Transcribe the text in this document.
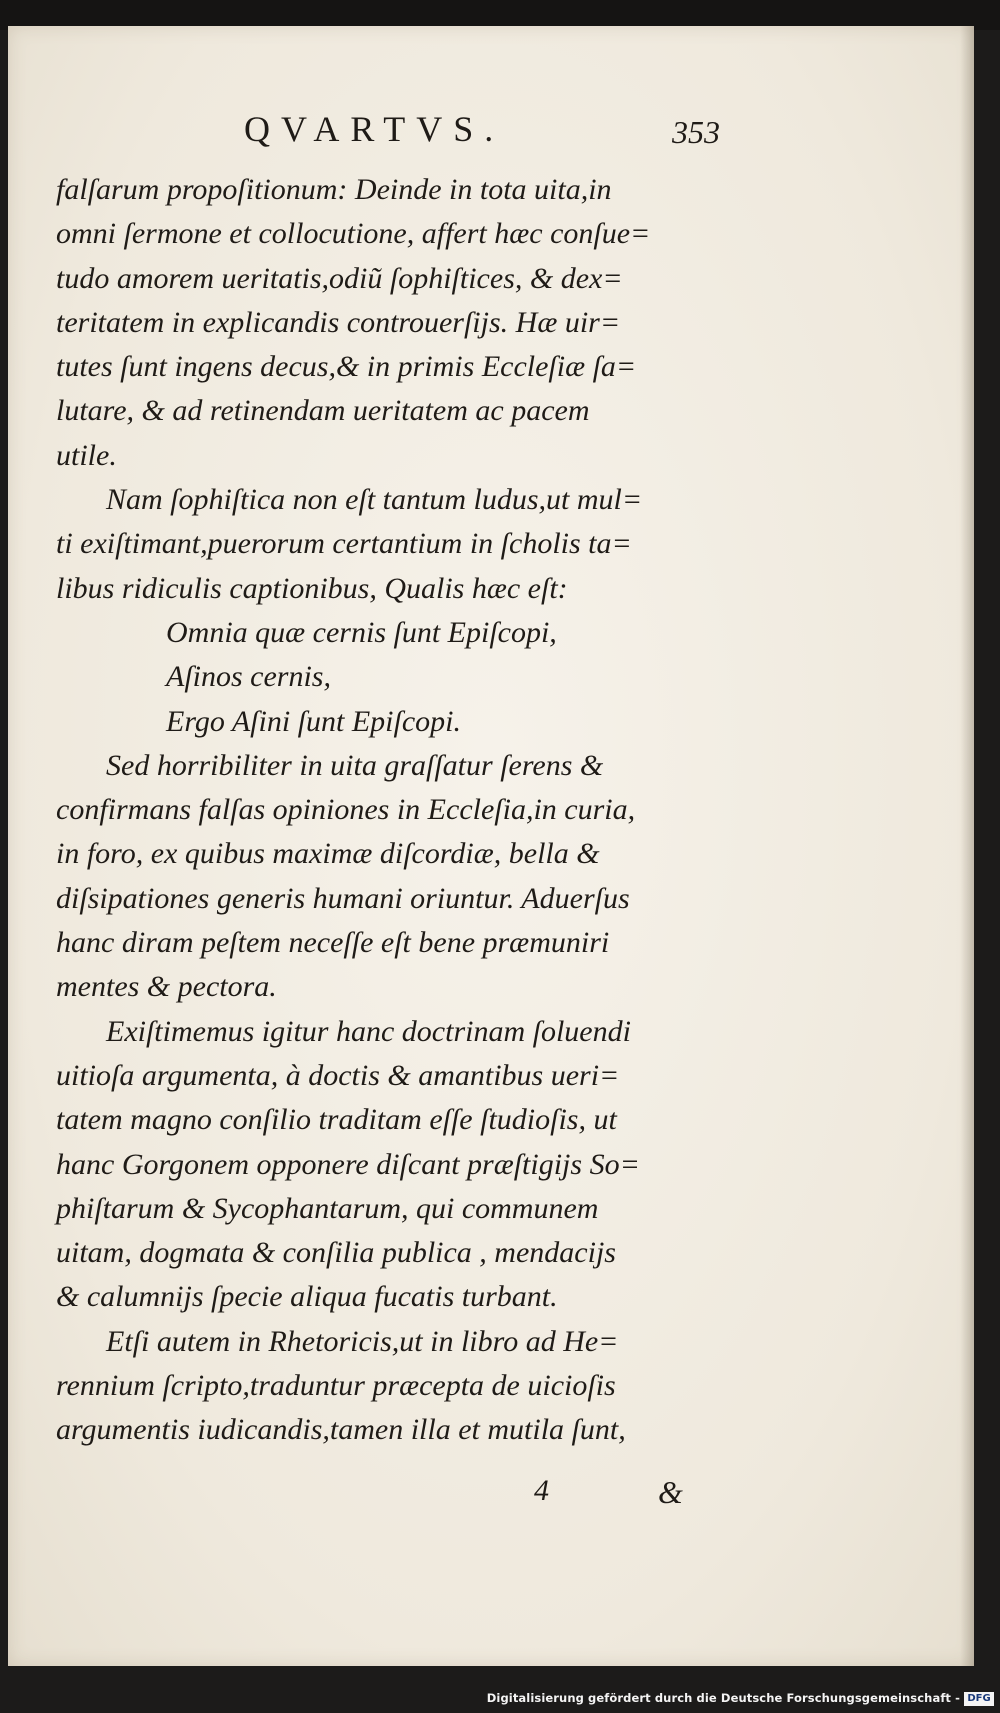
QVARTVS.	353

falſarum propoſitionum: Deinde in tota uita,in
omni ſermone et collocutione, affert hæc conſue=
tudo amorem ueritatis,odiũ ſophiſtices, & dex=
teritatem in explicandis controuerſijs. Hæ uir=
tutes ſunt ingens decus,& in primis Eccleſiæ ſa=
lutare, & ad retinendam ueritatem ac pacem
utile.

Nam ſophiſtica non eſt tantum ludus,ut mul=
ti exiſtimant,puerorum certantium in ſcholis ta=
libus ridiculis captionibus, Qualis hæc eſt:

Omnia quæ cernis ſunt Epiſcopi,
Aſinos cernis,
Ergo Aſini ſunt Epiſcopi.

Sed horribiliter in uita graſſatur ſerens &
confirmans falſas opiniones in Eccleſia,in curia,
in foro, ex quibus maximæ diſcordiæ, bella &
diſsipationes generis humani oriuntur. Aduerſus
hanc diram peſtem neceſſe eſt bene præmuniri
mentes & pectora.

Exiſtimemus igitur hanc doctrinam ſoluendi
uitioſa argumenta, à doctis & amantibus ueri=
tatem magno conſilio traditam eſſe ſtudioſis, ut
hanc Gorgonem opponere diſcant præſtigijs So=
phiſtarum & Sycophantarum, qui communem
uitam, dogmata & conſilia publica , mendacijs
& calumnijs ſpecie aliqua fucatis turbant.

Etſi autem in Rhetoricis,ut in libro ad He=
rennium ſcripto,traduntur præcepta de uicioſis
argumentis iudicandis,tamen illa et mutila ſunt,

4	&
Digitalisierung gefördert durch die Deutsche Forschungsgemeinschaft - DFG
